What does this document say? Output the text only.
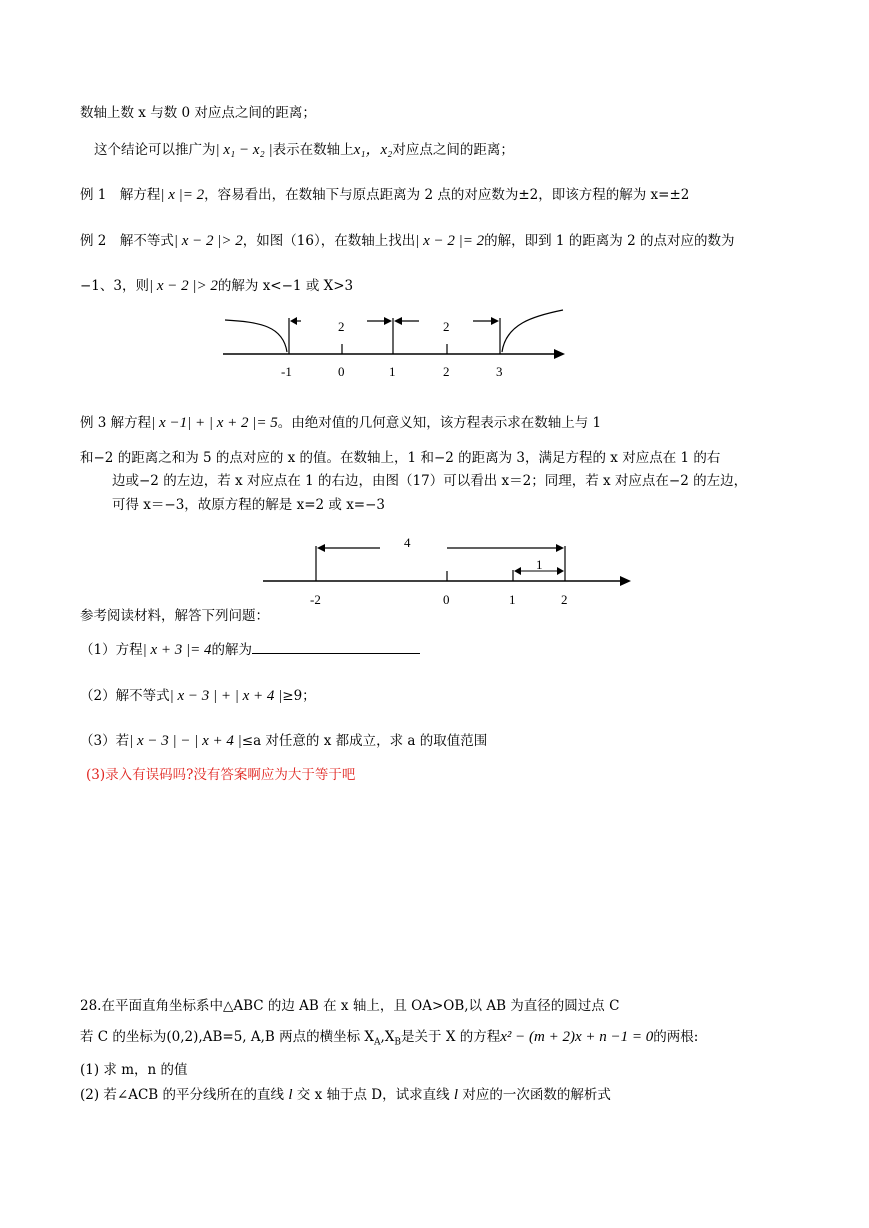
数轴上数 x 与数 0 对应点之间的距离；
这个结论可以推广为| x₁ − x₂ |表示在数轴上x₁，x₂对应点之间的距离；
例 1　解方程| x |= 2，容易看出，在数轴下与原点距离为 2 点的对应数为±2，即该方程的解为 x=±2
例 2　解不等式| x − 2 |> 2，如图（16），在数轴上找出| x − 2 |= 2的解，即到 1 的距离为 2 的点对应的数为
−1、3，则| x − 2 |> 2的解为 x<−1 或 X>3
2	2
-1	0	1	2	3
例 3 解方程| x −1| + | x + 2 |= 5。由绝对值的几何意义知，该方程表示求在数轴上与 1
和−2 的距离之和为 5 的点对应的 x 的值。在数轴上，1 和−2 的距离为 3，满足方程的 x 对应点在 1 的右
边或−2 的左边，若 x 对应点在 1 的右边，由图（17）可以看出 x＝2；同理，若 x 对应点在−2 的左边，
可得 x＝−3，故原方程的解是 x=2 或 x=−3
4
1
-2	0	1	2
参考阅读材料，解答下列问题：
（1）方程| x + 3 |= 4的解为
（2）解不等式| x − 3 | + | x + 4 |≥9；
（3）若| x − 3 | − | x + 4 |≤a 对任意的 x 都成立，求 a 的取值范围
(3)录入有误码吗?没有答案啊应为大于等于吧
28.在平面直角坐标系中△ABC 的边 AB 在 x 轴上，且 OA>OB,以 AB 为直径的圆过点 C
若 C 的坐标为(0,2),AB=5, A,B 两点的横坐标 $X_A,X_B$是关于 X 的方程x² − (m + 2)x + n −1 = 0的两根:
(1) 求 m，n 的值
(2) 若∠ACB 的平分线所在的直线 l 交 x 轴于点 D，试求直线 l 对应的一次函数的解析式
